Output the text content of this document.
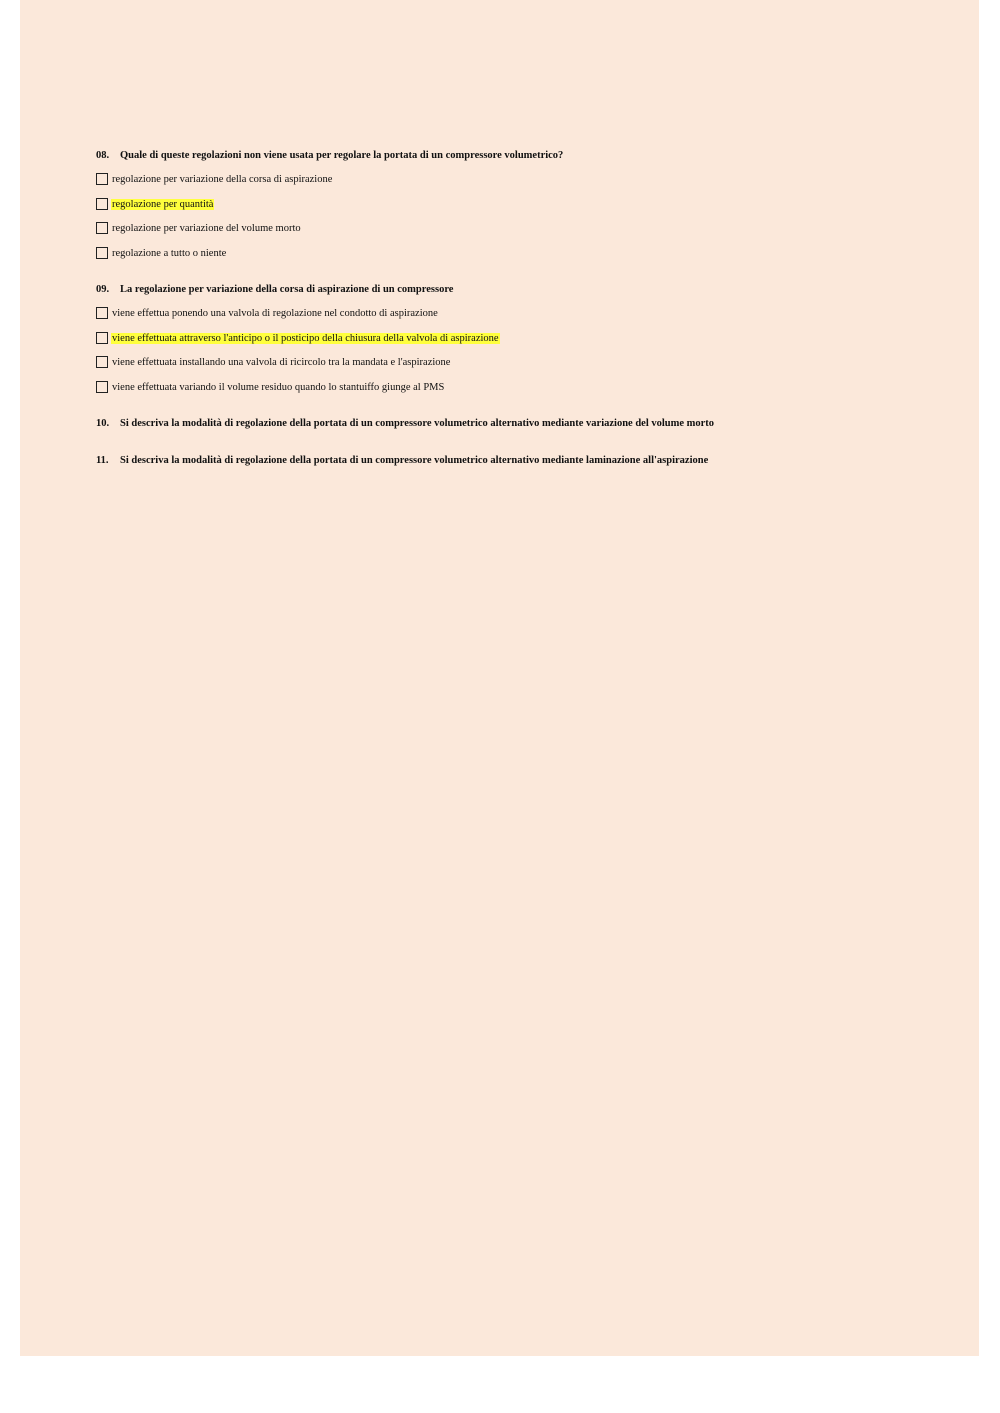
08. Quale di queste regolazioni non viene usata per regolare la portata di un compressore volumetrico?
regolazione per variazione della corsa di aspirazione
regolazione per quantità
regolazione per variazione del volume morto
regolazione a tutto o niente
09. La regolazione per variazione della corsa di aspirazione di un compressore
viene effettua ponendo una valvola di regolazione nel condotto di aspirazione
viene effettuata attraverso l'anticipo o il posticipo della chiusura della valvola di aspirazione
viene effettuata installando una valvola di ricircolo tra la mandata e l'aspirazione
viene effettuata variando il volume residuo quando lo stantuiffo giunge al PMS
10. Si descriva la modalità di regolazione della portata di un compressore volumetrico alternativo mediante variazione del volume morto
11. Si descriva la modalità di regolazione della portata di un compressore volumetrico alternativo mediante laminazione all'aspirazione
